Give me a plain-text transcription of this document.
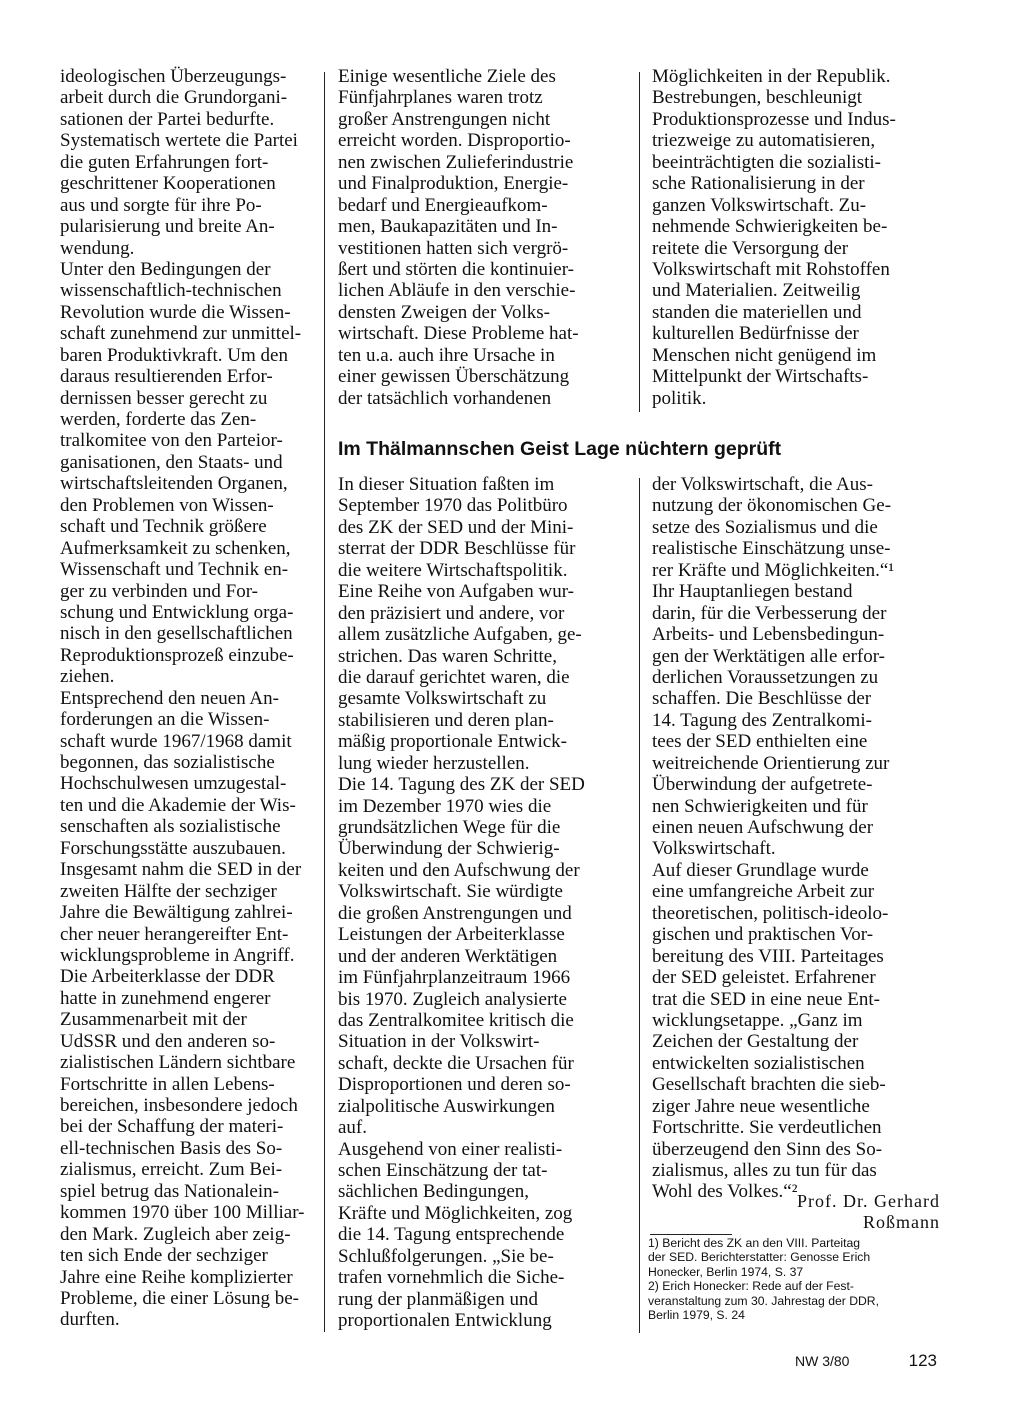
ideologischen Überzeugungs-
arbeit durch die Grundorgani-
sationen der Partei bedurfte.
Systematisch wertete die Partei
die guten Erfahrungen fort-
geschrittener Kooperationen
aus und sorgte für ihre Po-
pularisierung und breite An-
wendung.
Unter den Bedingungen der
wissenschaftlich-technischen
Revolution wurde die Wissen-
schaft zunehmend zur unmittel-
baren Produktivkraft. Um den
daraus resultierenden Erfor-
dernissen besser gerecht zu
werden, forderte das Zen-
tralkomitee von den Parteior-
ganisationen, den Staats- und
wirtschaftsleitenden Organen,
den Problemen von Wissen-
schaft und Technik größere
Aufmerksamkeit zu schenken,
Wissenschaft und Technik en-
ger zu verbinden und For-
schung und Entwicklung orga-
nisch in den gesellschaftlichen
Reproduktionsprozeß einzube-
ziehen.
Entsprechend den neuen An-
forderungen an die Wissen-
schaft wurde 1967/1968 damit
begonnen, das sozialistische
Hochschulwesen umzugestal-
ten und die Akademie der Wis-
senschaften als sozialistische
Forschungsstätte auszubauen.
Insgesamt nahm die SED in der
zweiten Hälfte der sechziger
Jahre die Bewältigung zahlrei-
cher neuer herangereifter Ent-
wicklungsprobleme in Angriff.
Die Arbeiterklasse der DDR
hatte in zunehmend engerer
Zusammenarbeit mit der
UdSSR und den anderen so-
zialistischen Ländern sichtbare
Fortschritte in allen Lebens-
bereichen, insbesondere jedoch
bei der Schaffung der materi-
ell-technischen Basis des So-
zialismus, erreicht. Zum Bei-
spiel betrug das Nationalein-
kommen 1970 über 100 Milliar-
den Mark. Zugleich aber zeig-
ten sich Ende der sechziger
Jahre eine Reihe komplizierter
Probleme, die einer Lösung be-
durften.
Einige wesentliche Ziele des
Fünfjahrplanes waren trotz
großer Anstrengungen nicht
erreicht worden. Disproportio-
nen zwischen Zulieferindustrie
und Finalproduktion, Energie-
bedarf und Energieaufkom-
men, Baukapazitäten und In-
vestitionen hatten sich vergrö-
ßert und störten die kontinuier-
lichen Abläufe in den verschie-
densten Zweigen der Volks-
wirtschaft. Diese Probleme hat-
ten u.a. auch ihre Ursache in
einer gewissen Überschätzung
der tatsächlich vorhandenen
Möglichkeiten in der Republik.
Bestrebungen, beschleunigt
Produktionsprozesse und Indus-
triezweige zu automatisieren,
beeinträchtigten die sozialisti-
sche Rationalisierung in der
ganzen Volkswirtschaft. Zu-
nehmende Schwierigkeiten be-
reitete die Versorgung der
Volkswirtschaft mit Rohstoffen
und Materialien. Zeitweilig
standen die materiellen und
kulturellen Bedürfnisse der
Menschen nicht genügend im
Mittelpunkt der Wirtschafts-
politik.
Im Thälmannschen Geist Lage nüchtern geprüft
In dieser Situation faßten im
September 1970 das Politbüro
des ZK der SED und der Mini-
sterrat der DDR Beschlüsse für
die weitere Wirtschaftspolitik.
Eine Reihe von Aufgaben wur-
den präzisiert und andere, vor
allem zusätzliche Aufgaben, ge-
strichen. Das waren Schritte,
die darauf gerichtet waren, die
gesamte Volkswirtschaft zu
stabilisieren und deren plan-
mäßig proportionale Entwick-
lung wieder herzustellen.
Die 14. Tagung des ZK der SED
im Dezember 1970 wies die
grundsätzlichen Wege für die
Überwindung der Schwierig-
keiten und den Aufschwung der
Volkswirtschaft. Sie würdigte
die großen Anstrengungen und
Leistungen der Arbeiterklasse
und der anderen Werktätigen
im Fünfjahrplanzeitraum 1966
bis 1970. Zugleich analysierte
das Zentralkomitee kritisch die
Situation in der Volkswirt-
schaft, deckte die Ursachen für
Disproportionen und deren so-
zialpolitische Auswirkungen
auf.
Ausgehend von einer realisti-
schen Einschätzung der tat-
sächlichen Bedingungen,
Kräfte und Möglichkeiten, zog
die 14. Tagung entsprechende
Schlußfolgerungen. „Sie be-
trafen vornehmlich die Siche-
rung der planmäßigen und
proportionalen Entwicklung
der Volkswirtschaft, die Aus-
nutzung der ökonomischen Ge-
setze des Sozialismus und die
realistische Einschätzung unse-
rer Kräfte und Möglichkeiten.“¹
Ihr Hauptanliegen bestand
darin, für die Verbesserung der
Arbeits- und Lebensbedingun-
gen der Werktätigen alle erfor-
derlichen Voraussetzungen zu
schaffen. Die Beschlüsse der
14. Tagung des Zentralkomi-
tees der SED enthielten eine
weitreichende Orientierung zur
Überwindung der aufgetrete-
nen Schwierigkeiten und für
einen neuen Aufschwung der
Volkswirtschaft.
Auf dieser Grundlage wurde
eine umfangreiche Arbeit zur
theoretischen, politisch-ideolo-
gischen und praktischen Vor-
bereitung des VIII. Parteitages
der SED geleistet. Erfahrener
trat die SED in eine neue Ent-
wicklungsetappe. „Ganz im
Zeichen der Gestaltung der
entwickelten sozialistischen
Gesellschaft brachten die sieb-
ziger Jahre neue wesentliche
Fortschritte. Sie verdeutlichen
überzeugend den Sinn des So-
zialismus, alles zu tun für das
Wohl des Volkes.“² Prof. Dr. Gerhard
Roßmann
1) Bericht des ZK an den VIII. Parteitag
der SED. Berichterstatter: Genosse Erich
Honecker, Berlin 1974, S. 37
2) Erich Honecker: Rede auf der Fest-
veranstaltung zum 30. Jahrestag der DDR,
Berlin 1979, S. 24
NW 3/80	123
